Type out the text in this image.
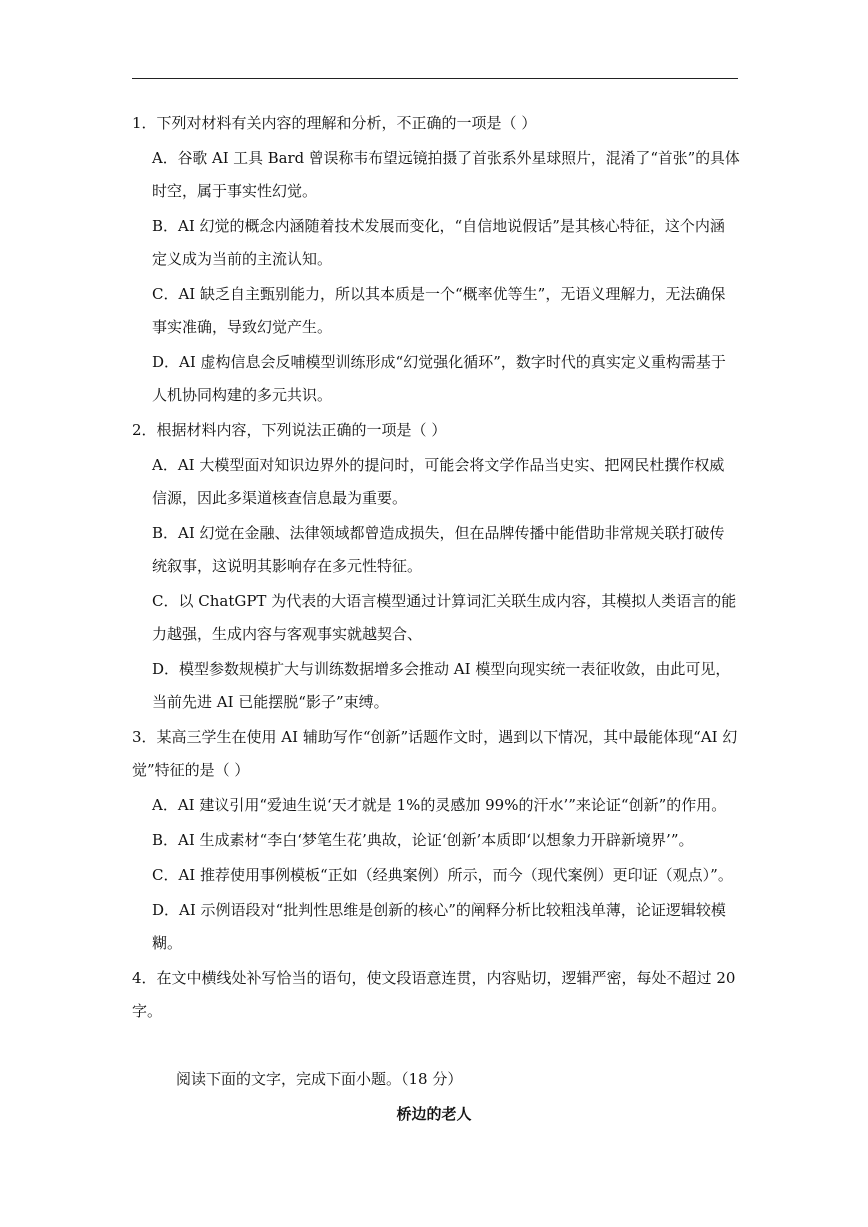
1．下列对材料有关内容的理解和分析，不正确的一项是（ ）
A．谷歌 AI 工具 Bard 曾误称韦布望远镜拍摄了首张系外星球照片，混淆了“首张”的具体
时空，属于事实性幻觉。
B．AI 幻觉的概念内涵随着技术发展而变化，“自信地说假话”是其核心特征，这个内涵
定义成为当前的主流认知。
C．AI 缺乏自主甄别能力，所以其本质是一个“概率优等生”，无语义理解力，无法确保
事实准确，导致幻觉产生。
D．AI 虚构信息会反哺模型训练形成“幻觉强化循环”，数字时代的真实定义重构需基于
人机协同构建的多元共识。
2．根据材料内容，下列说法正确的一项是（ ）
A．AI 大模型面对知识边界外的提问时，可能会将文学作品当史实、把网民杜撰作权威
信源，因此多渠道核查信息最为重要。
B．AI 幻觉在金融、法律领域都曾造成损失，但在品牌传播中能借助非常规关联打破传
统叙事，这说明其影响存在多元性特征。
C．以 ChatGPT 为代表的大语言模型通过计算词汇关联生成内容，其模拟人类语言的能
力越强，生成内容与客观事实就越契合、
D．模型参数规模扩大与训练数据增多会推动 AI 模型向现实统一表征收敛，由此可见，
当前先进 AI 已能摆脱“影子”束缚。
3．某高三学生在使用 AI 辅助写作“创新”话题作文时，遇到以下情况，其中最能体现“AI 幻
觉”特征的是（ ）
A．AI 建议引用“爱迪生说‘天才就是 1%的灵感加 99%的汗水’”来论证“创新”的作用。
B．AI 生成素材“李白‘梦笔生花’典故，论证‘创新’本质即‘以想象力开辟新境界’”。
C．AI 推荐使用事例模板“正如（经典案例）所示，而今（现代案例）更印证（观点）”。
D．AI 示例语段对“批判性思维是创新的核心”的阐释分析比较粗浅单薄，论证逻辑较模
糊。
4．在文中横线处补写恰当的语句，使文段语意连贯，内容贴切，逻辑严密，每处不超过 20
字。
阅读下面的文字，完成下面小题。（18 分）
桥边的老人
